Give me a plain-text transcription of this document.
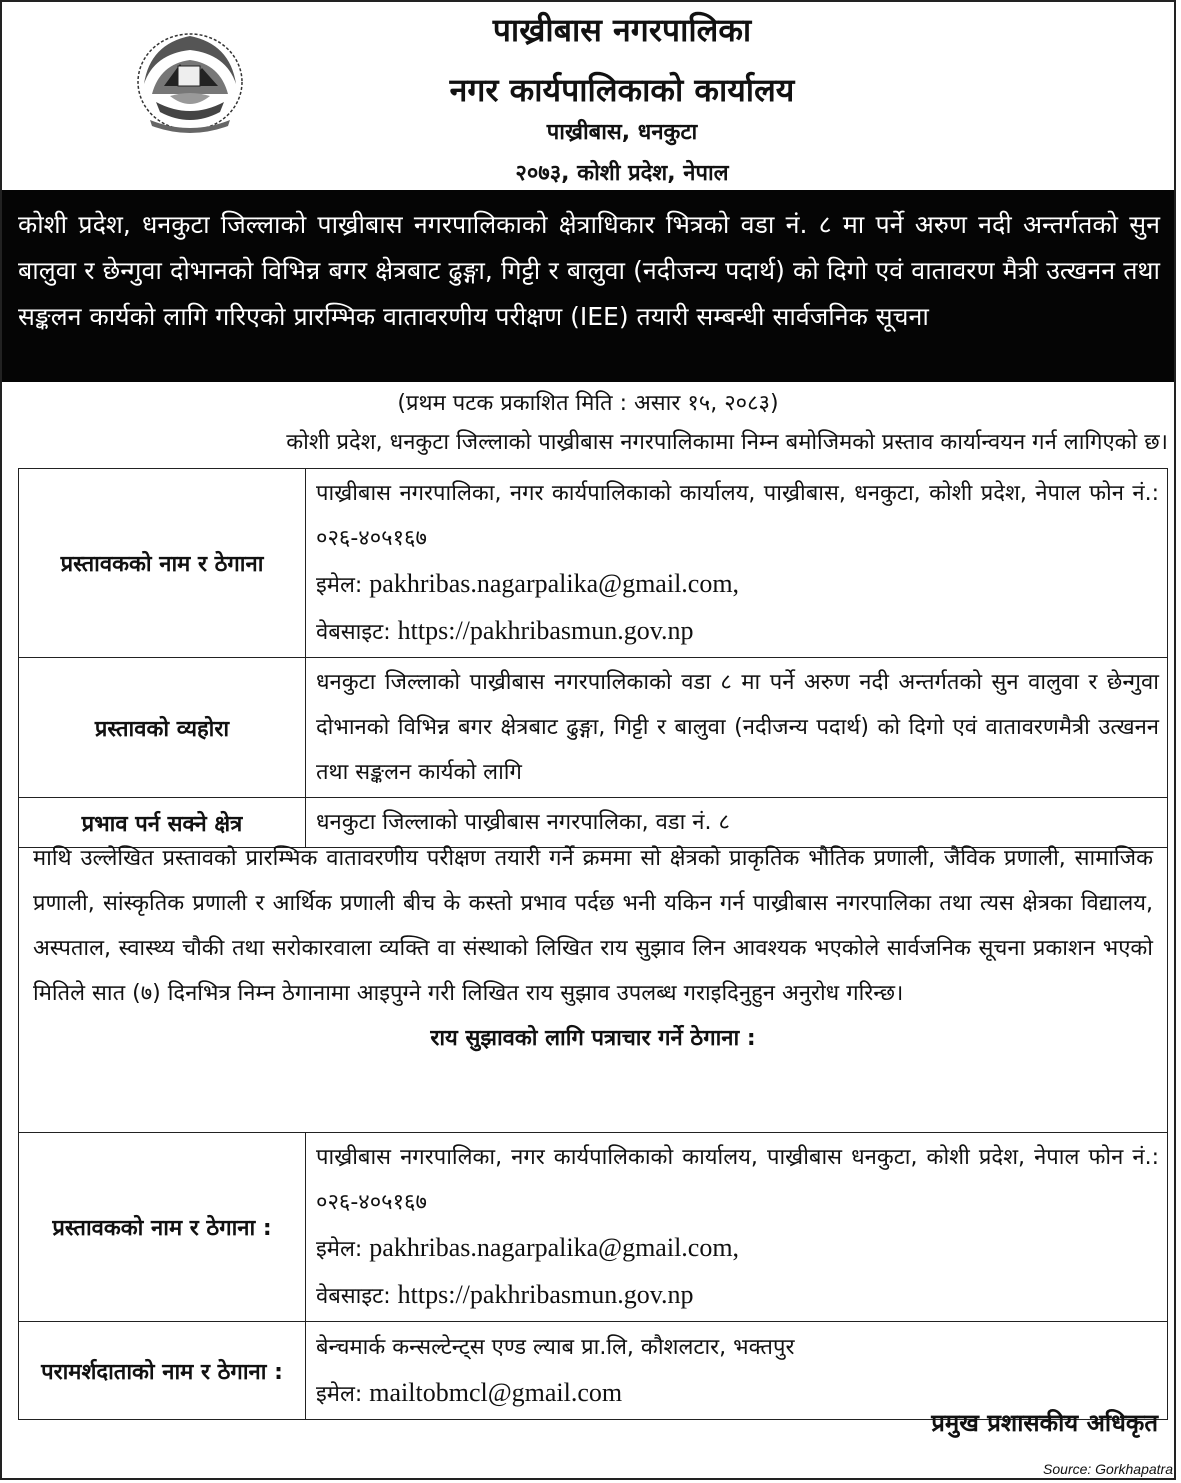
पाख्रीबास नगरपालिका
नगर कार्यपालिकाको कार्यालय
पाख्रीबास, धनकुटा
२०७३, कोशी प्रदेश, नेपाल
कोशी प्रदेश, धनकुटा जिल्लाको पाख्रीबास नगरपालिकाको क्षेत्राधिकार भित्रको वडा नं. ८ मा पर्ने अरुण नदी अन्तर्गतको सुन बालुवा र छेन्गुवा दोभानको विभिन्न बगर क्षेत्रबाट ढुङ्गा, गिट्टी र बालुवा (नदीजन्य पदार्थ) को दिगो एवं वातावरण मैत्री उत्खनन तथा सङ्कलन कार्यको लागि गरिएको प्रारम्भिक वातावरणीय परीक्षण (IEE) तयारी सम्बन्धी सार्वजनिक सूचना
(प्रथम पटक प्रकाशित मिति : असार १५, २०८३)
कोशी प्रदेश, धनकुटा जिल्लाको पाख्रीबास नगरपालिकामा निम्न बमोजिमको प्रस्ताव कार्यान्वयन गर्न लागिएको छ।
प्रस्तावकको नाम र ठेगाना	पाख्रीबास नगरपालिका, नगर कार्यपालिकाको कार्यालय, पाख्रीबास, धनकुटा, कोशी प्रदेश, नेपाल फोन नं.: ०२६-४०५१६७
इमेल: pakhribas.nagarpalika@gmail.com,
वेबसाइट: https://pakhribasmun.gov.np
प्रस्तावको व्यहोरा	धनकुटा जिल्लाको पाख्रीबास नगरपालिकाको वडा ८ मा पर्ने अरुण नदी अन्तर्गतको सुन वालुवा र छेन्गुवा दोभानको विभिन्न बगर क्षेत्रबाट ढुङ्गा, गिट्टी र बालुवा (नदीजन्य पदार्थ) को दिगो एवं वातावरणमैत्री उत्खनन तथा सङ्कलन कार्यको लागि
प्रभाव पर्न सक्ने क्षेत्र	धनकुटा जिल्लाको पाख्रीबास नगरपालिका, वडा नं. ८
माथि उल्लेखित प्रस्तावको प्रारम्भिक वातावरणीय परीक्षण तयारी गर्ने क्रममा सो क्षेत्रको प्राकृतिक भौतिक प्रणाली, जैविक प्रणाली, सामाजिक प्रणाली, सांस्कृतिक प्रणाली र आर्थिक प्रणाली बीच के कस्तो प्रभाव पर्दछ भनी यकिन गर्न पाख्रीबास नगरपालिका तथा त्यस क्षेत्रका विद्यालय, अस्पताल, स्वास्थ्य चौकी तथा सरोकारवाला व्यक्ति वा संस्थाको लिखित राय सुझाव लिन आवश्यक भएकोले सार्वजनिक सूचना प्रकाशन भएको मितिले सात (७) दिनभित्र निम्न ठेगानामा आइपुग्ने गरी लिखित राय सुझाव उपलब्ध गराइदिनुहुन अनुरोध गरिन्छ।
राय सुझावको लागि पत्राचार गर्ने ठेगाना :
प्रस्तावकको नाम र ठेगाना :	पाख्रीबास नगरपालिका, नगर कार्यपालिकाको कार्यालय, पाख्रीबास धनकुटा, कोशी प्रदेश, नेपाल फोन नं.: ०२६-४०५१६७
इमेल: pakhribas.nagarpalika@gmail.com,
वेबसाइट: https://pakhribasmun.gov.np
परामर्शदाताको नाम र ठेगाना :	बेन्चमार्क कन्सल्टेन्ट्स एण्ड ल्याब प्रा.लि, कौशलटार, भक्तपुर
इमेल: mailtobmcl@gmail.com
प्रमुख प्रशासकीय अधिकृत
Source: Gorkhapatra
